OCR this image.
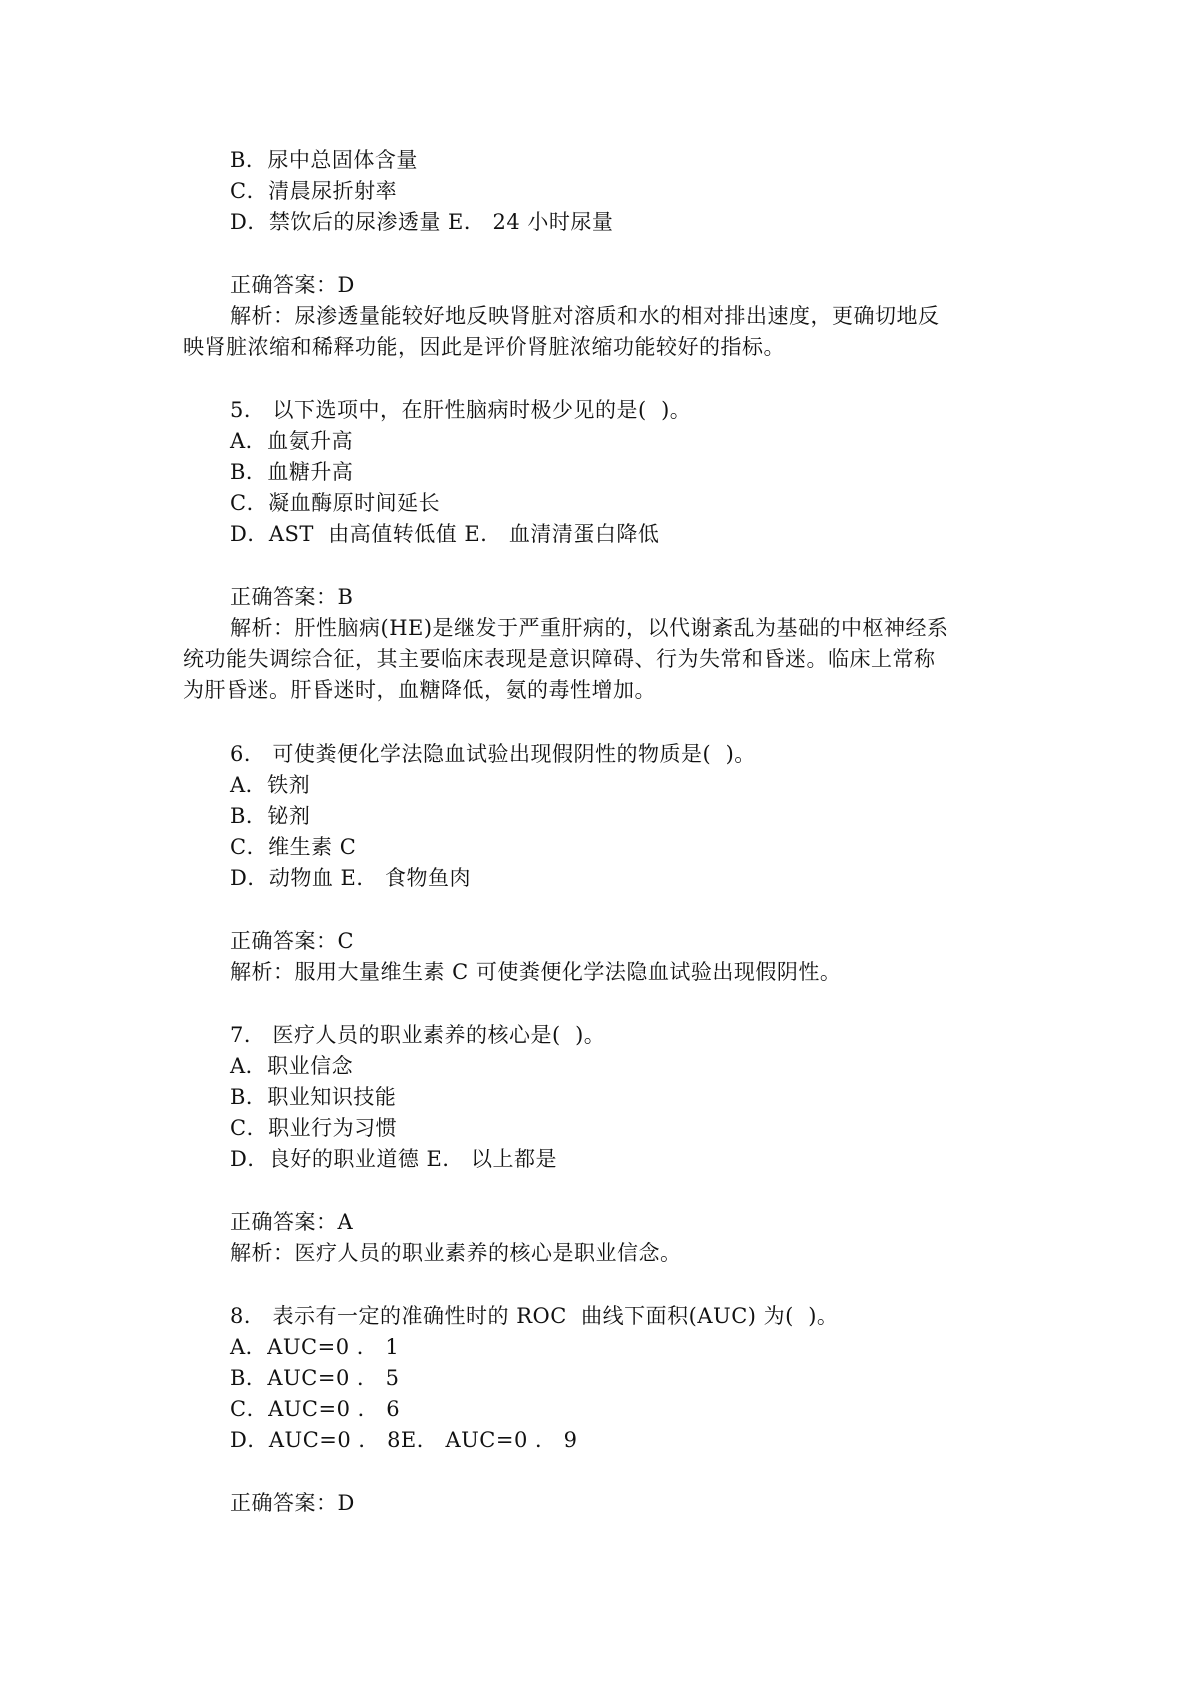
B．尿中总固体含量
C．清晨尿折射率
D．禁饮后的尿渗透量 E． 24 小时尿量
正确答案：D
解析：尿渗透量能较好地反映肾脏对溶质和水的相对排出速度，更确切地反
映肾脏浓缩和稀释功能，因此是评价肾脏浓缩功能较好的指标。
5． 以下选项中，在肝性脑病时极少见的是(  )。
A．血氨升高
B．血糖升高
C．凝血酶原时间延长
D．AST  由高值转低值 E． 血清清蛋白降低
正确答案：B
解析：肝性脑病(HE)是继发于严重肝病的，以代谢紊乱为基础的中枢神经系
统功能失调综合征，其主要临床表现是意识障碍、行为失常和昏迷。临床上常称
为肝昏迷。肝昏迷时，血糖降低，氨的毒性增加。
6． 可使粪便化学法隐血试验出现假阴性的物质是(  )。
A．铁剂
B．铋剂
C．维生素 C
D．动物血 E． 食物鱼肉
正确答案：C
解析：服用大量维生素 C 可使粪便化学法隐血试验出现假阴性。
7． 医疗人员的职业素养的核心是(  )。
A．职业信念
B．职业知识技能
C．职业行为习惯
D．良好的职业道德 E． 以上都是
正确答案：A
解析：医疗人员的职业素养的核心是职业信念。
8． 表示有一定的准确性时的 ROC  曲线下面积(AUC) 为(  )。
A．AUC=0 ． 1
B．AUC=0 ． 5
C．AUC=0 ． 6
D．AUC=0 ． 8E． AUC=0 ． 9
正确答案：D
